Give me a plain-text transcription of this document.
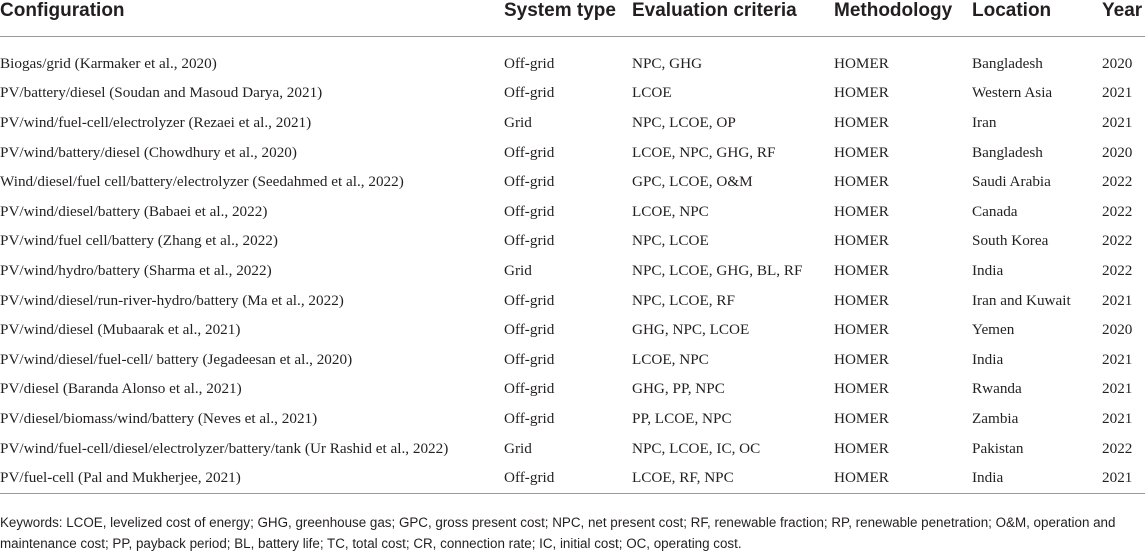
Configuration	System type	Evaluation criteria	Methodology	Location	Year

Biogas/grid (Karmaker et al., 2020)	Off-grid	NPC, GHG	HOMER	Bangladesh	2020
PV/battery/diesel (Soudan and Masoud Darya, 2021)	Off-grid	LCOE	HOMER	Western Asia	2021
PV/wind/fuel-cell/electrolyzer (Rezaei et al., 2021)	Grid	NPC, LCOE, OP	HOMER	Iran	2021
PV/wind/battery/diesel (Chowdhury et al., 2020)	Off-grid	LCOE, NPC, GHG, RF	HOMER	Bangladesh	2020
Wind/diesel/fuel cell/battery/electrolyzer (Seedahmed et al., 2022)	Off-grid	GPC, LCOE, O&M	HOMER	Saudi Arabia	2022
PV/wind/diesel/battery (Babaei et al., 2022)	Off-grid	LCOE, NPC	HOMER	Canada	2022
PV/wind/fuel cell/battery (Zhang et al., 2022)	Off-grid	NPC, LCOE	HOMER	South Korea	2022
PV/wind/hydro/battery (Sharma et al., 2022)	Grid	NPC, LCOE, GHG, BL, RF	HOMER	India	2022
PV/wind/diesel/run-river-hydro/battery (Ma et al., 2022)	Off-grid	NPC, LCOE, RF	HOMER	Iran and Kuwait	2021
PV/wind/diesel (Mubaarak et al., 2021)	Off-grid	GHG, NPC, LCOE	HOMER	Yemen	2020
PV/wind/diesel/fuel-cell/ battery (Jegadeesan et al., 2020)	Off-grid	LCOE, NPC	HOMER	India	2021
PV/diesel (Baranda Alonso et al., 2021)	Off-grid	GHG, PP, NPC	HOMER	Rwanda	2021
PV/diesel/biomass/wind/battery (Neves et al., 2021)	Off-grid	PP, LCOE, NPC	HOMER	Zambia	2021
PV/wind/fuel-cell/diesel/electrolyzer/battery/tank (Ur Rashid et al., 2022)	Grid	NPC, LCOE, IC, OC	HOMER	Pakistan	2022
PV/fuel-cell (Pal and Mukherjee, 2021)	Off-grid	LCOE, RF, NPC	HOMER	India	2021
Keywords: LCOE, levelized cost of energy; GHG, greenhouse gas; GPC, gross present cost; NPC, net present cost; RF, renewable fraction; RP, renewable penetration; O&M, operation and
maintenance cost; PP, payback period; BL, battery life; TC, total cost; CR, connection rate; IC, initial cost; OC, operating cost.
